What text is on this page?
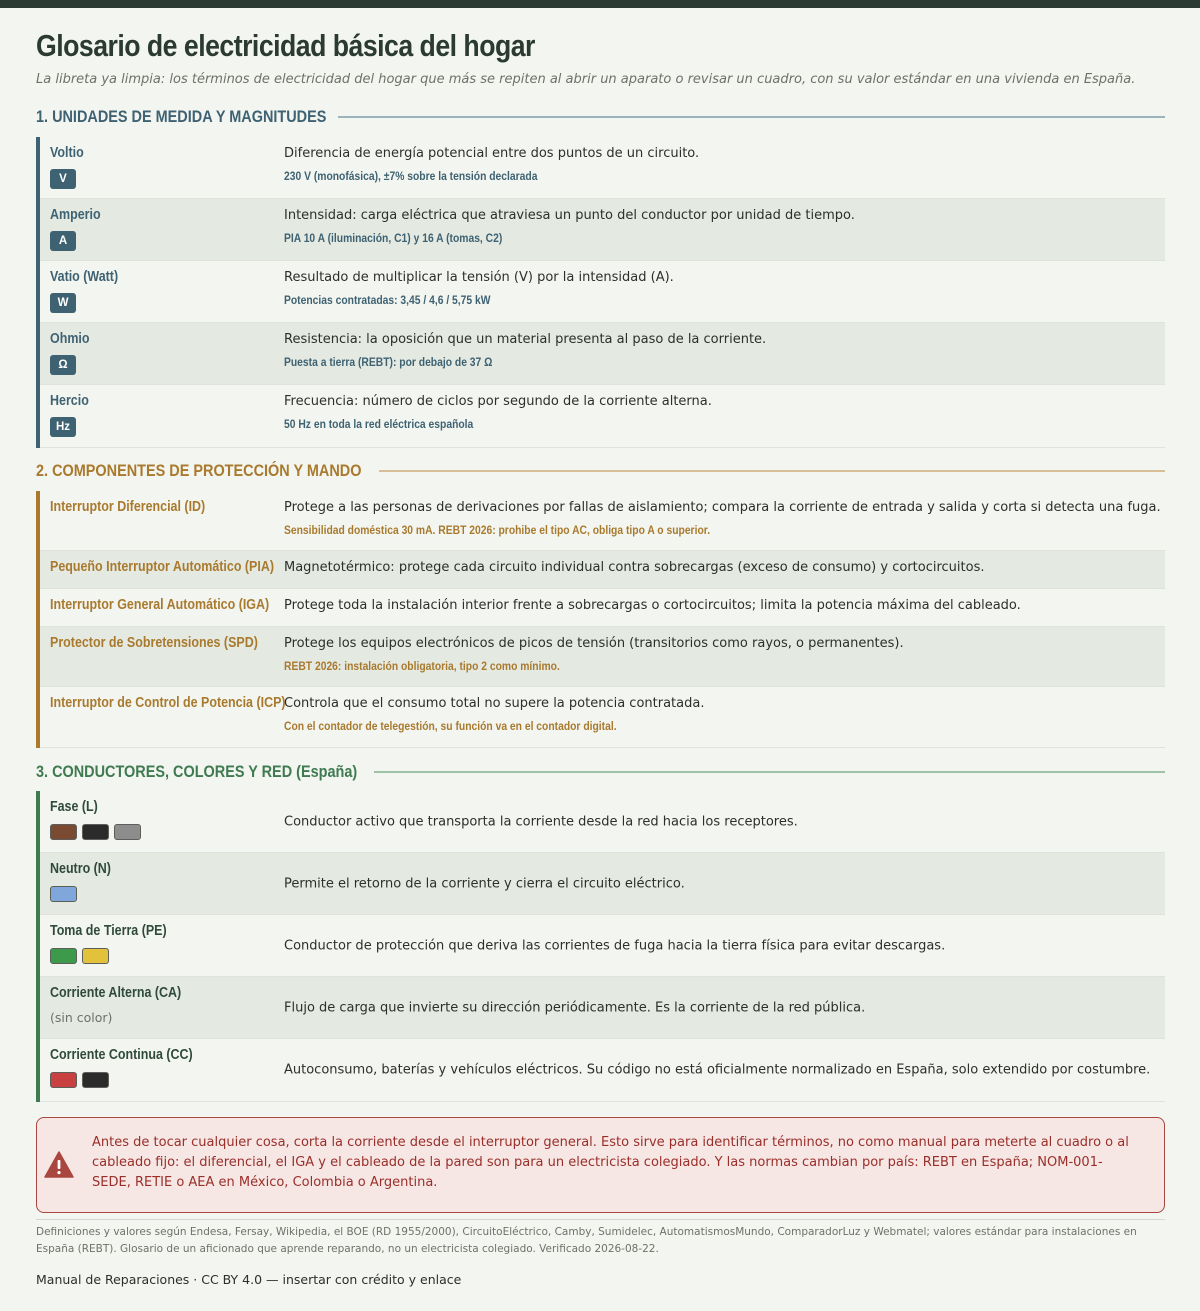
Glosario de electricidad básica del hogar

La libreta ya limpia: los términos de electricidad del hogar que más se repiten al abrir un aparato o revisar un cuadro, con su valor estándar en una vivienda en España.

1. UNIDADES DE MEDIDA Y MAGNITUDES
Voltio
V
Diferencia de energía potencial entre dos puntos de un circuito.
230 V (monofásica), ±7% sobre la tensión declarada
Amperio
A
Intensidad: carga eléctrica que atraviesa un punto del conductor por unidad de tiempo.
PIA 10 A (iluminación, C1) y 16 A (tomas, C2)
Vatio (Watt)
W
Resultado de multiplicar la tensión (V) por la intensidad (A).
Potencias contratadas: 3,45 / 4,6 / 5,75 kW
Ohmio
Ω
Resistencia: la oposición que un material presenta al paso de la corriente.
Puesta a tierra (REBT): por debajo de 37 Ω
Hercio
Hz
Frecuencia: número de ciclos por segundo de la corriente alterna.
50 Hz en toda la red eléctrica española
2. COMPONENTES DE PROTECCIÓN Y MANDO
Interruptor Diferencial (ID)	Protege a las personas de derivaciones por fallas de aislamiento; compara la corriente de entrada y salida y corta si detecta una fuga.
Sensibilidad doméstica 30 mA. REBT 2026: prohibe el tipo AC, obliga tipo A o superior.
Pequeño Interruptor Automático (PIA) Magnetotérmico: protege cada circuito individual contra sobrecargas (exceso de consumo) y cortocircuitos.
Interruptor General Automático (IGA) Protege toda la instalación interior frente a sobrecargas o cortocircuitos; limita la potencia máxima del cableado.
Protector de Sobretensiones (SPD) Protege los equipos electrónicos de picos de tensión (transitorios como rayos, o permanentes).
REBT 2026: instalación obligatoria, tipo 2 como mínimo.
Interruptor de Control de Potencia (ICP)
Controla que el consumo total no supere la potencia contratada.
Con el contador de telegestión, su función va en el contador digital.
3. CONDUCTORES, COLORES Y RED (España)
Fase (L)
Conductor activo que transporta la corriente desde la red hacia los receptores.
Neutro (N)
Permite el retorno de la corriente y cierra el circuito eléctrico.
Toma de Tierra (PE)
Conductor de protección que deriva las corrientes de fuga hacia la tierra física para evitar descargas.
Corriente Alterna (CA)
(sin color)
Flujo de carga que invierte su dirección periódicamente. Es la corriente de la red pública.
Corriente Continua (CC)
Autoconsumo, baterías y vehículos eléctricos. Su código no está oficialmente normalizado en España, solo extendido por costumbre.

Antes de tocar cualquier cosa, corta la corriente desde el interruptor general. Esto sirve para identificar términos, no como manual para meterte al cuadro o al cableado fijo: el diferencial, el IGA y el cableado de la pared son para un electricista colegiado. Y las normas cambian por país: REBT en España; NOM-001-SEDE, RETIE o AEA en México, Colombia o Argentina.

Definiciones y valores según Endesa, Fersay, Wikipedia, el BOE (RD 1955/2000), CircuitoEléctrico, Camby, Sumidelec, AutomatismosMundo, ComparadorLuz y Webmatel; valores estándar para instalaciones en España (REBT). Glosario de un aficionado que aprende reparando, no un electricista colegiado. Verificado 2026-08-22.

Manual de Reparaciones · CC BY 4.0 — insertar con crédito y enlace
